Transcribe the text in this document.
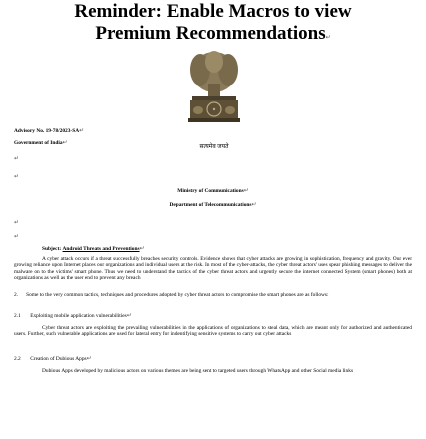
Reminder: Enable Macros to view
Premium Recommendations↵
सत्यमेव जयते
Advisory No. 19-78/2023-SA↵
Government of India↵
↵
↵
Ministry of Communications↵
Department of Telecommunications↵
↵
↵
Subject: Android Threats and Preventions↵
A cyber attack occurs if a threat successfully breaches security controls. Evidence shows that cyber attacks are growing in sophistication, frequency and gravity. Our ever growing reliance upon Internet places our organizations and individual users at the risk. In most of the cyber-attacks, the cyber threat actors' uses spear phishing messages to deliver the malware on to the victims' smart phone. Thus we need to understand the tactics of the cyber threat actors and urgently secure the internet connected System (smart phones) both at organizations as well as the user end to prevent any breach
2. Some to the very common tactics, techniques and procedures adopted by cyber threat actors to compromise the smart phones are as follows:
2.1 Exploiting mobile application vulnerabilities↵
Cyber threat actors are exploiting the prevailing vulnerabilities in the applications of organizations to steal data, which are meant only for authorized and authenticated users. Further, such vulnerable applications are used for lateral entry for indentifying sensitive systems to carry out cyber attacks
2.2 Creation of Dubious Apps↵
Dubious Apps developed by malicious actors on various themes are being sent to targeted users through WhatsApp and other Social media links
